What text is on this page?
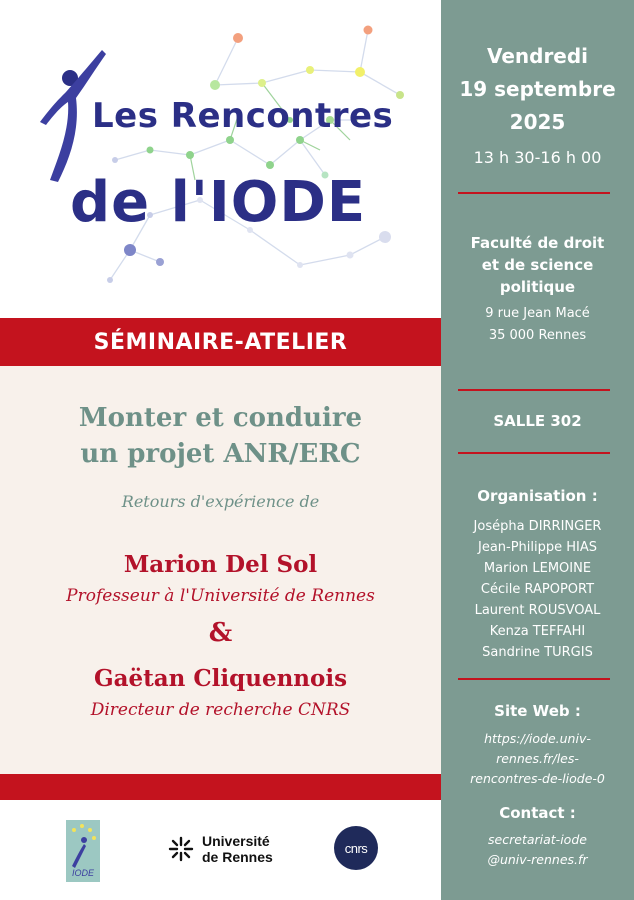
Les Rencontres
de l'IODE
SÉMINAIRE-ATELIER
Monter et conduire
un projet ANR/ERC
Retours d'expérience de
Marion Del Sol
Professeur à l'Université de Rennes
&
Gaëtan Cliquennois
Directeur de recherche CNRS
IODE
Université
de Rennes
cnrs
Vendredi
19 septembre
2025
13 h 30-16 h 00
Faculté de droit
et de science
politique
9 rue Jean Macé
35 000 Rennes
SALLE 302
Organisation :
Joséphа DIRRINGER
Jean-Philippe HIAS
Marion LEMOINE
Cécile RAPOPORT
Laurent ROUSVOAL
Kenza TEFFAHI
Sandrine TURGIS
Site Web :
https://iode.univ-
rennes.fr/les-
rencontres-de-liode-0
Contact :
secretariat-iode
@univ-rennes.fr
